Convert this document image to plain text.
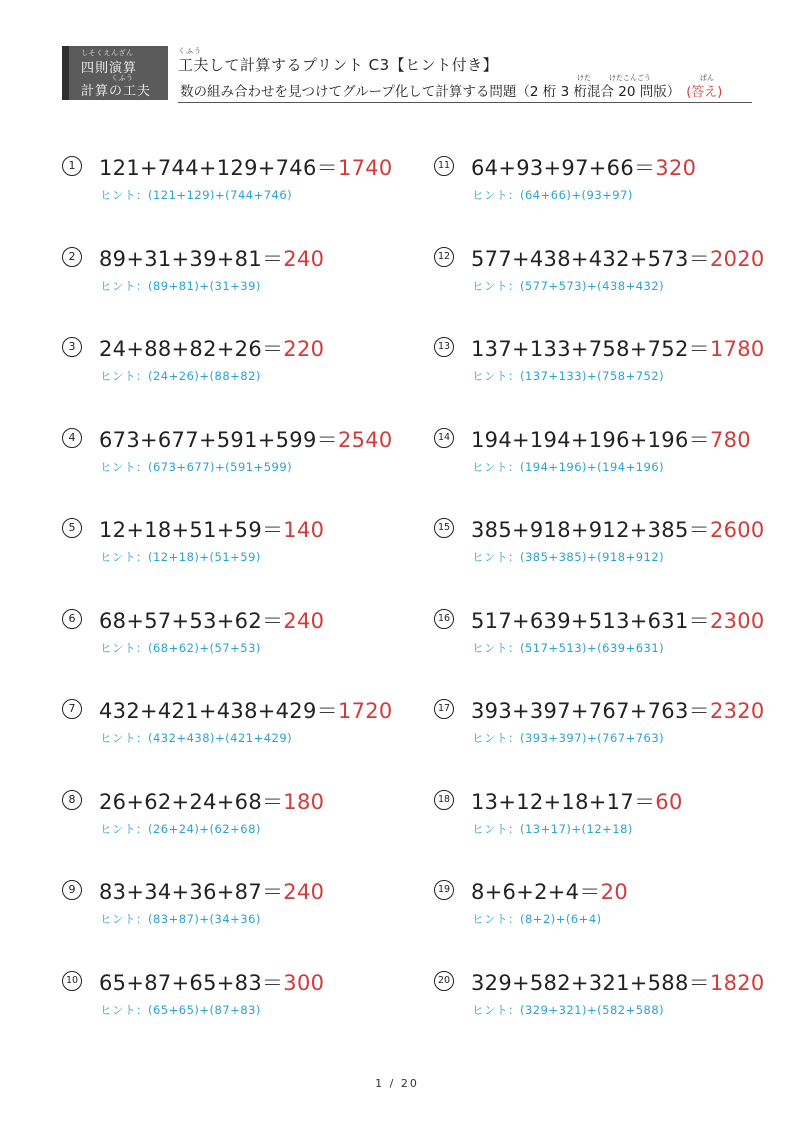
しそくえんざん
四則演算
くふう
計算の工夫
くふう
工夫して計算するプリント C3【ヒント付き】
けた	けたこんごう	ばん
数の組み合わせを見つけてグループ化して計算する問題（2 桁 3 桁混合 20 問版） (答え)
1	121+744+129+746＝1740
ヒント：(121+129)+(744+746)
2	89+31+39+81＝240
ヒント：(89+81)+(31+39)
3	24+88+82+26＝220
ヒント：(24+26)+(88+82)
4	673+677+591+599＝2540
ヒント：(673+677)+(591+599)
5	12+18+51+59＝140
ヒント：(12+18)+(51+59)
6	68+57+53+62＝240
ヒント：(68+62)+(57+53)
7	432+421+438+429＝1720
ヒント：(432+438)+(421+429)
8	26+62+24+68＝180
ヒント：(26+24)+(62+68)
9	83+34+36+87＝240
ヒント：(83+87)+(34+36)
10 65+87+65+83＝300
ヒント：(65+65)+(87+83)
11 64+93+97+66＝320
ヒント：(64+66)+(93+97)
12 577+438+432+573＝2020
ヒント：(577+573)+(438+432)
13 137+133+758+752＝1780
ヒント：(137+133)+(758+752)
14 194+194+196+196＝780
ヒント：(194+196)+(194+196)
15 385+918+912+385＝2600
ヒント：(385+385)+(918+912)
16 517+639+513+631＝2300
ヒント：(517+513)+(639+631)
17 393+397+767+763＝2320
ヒント：(393+397)+(767+763)
18 13+12+18+17＝60
ヒント：(13+17)+(12+18)
19 8+6+2+4＝20
ヒント：(8+2)+(6+4)
20 329+582+321+588＝1820
ヒント：(329+321)+(582+588)
1 / 20
